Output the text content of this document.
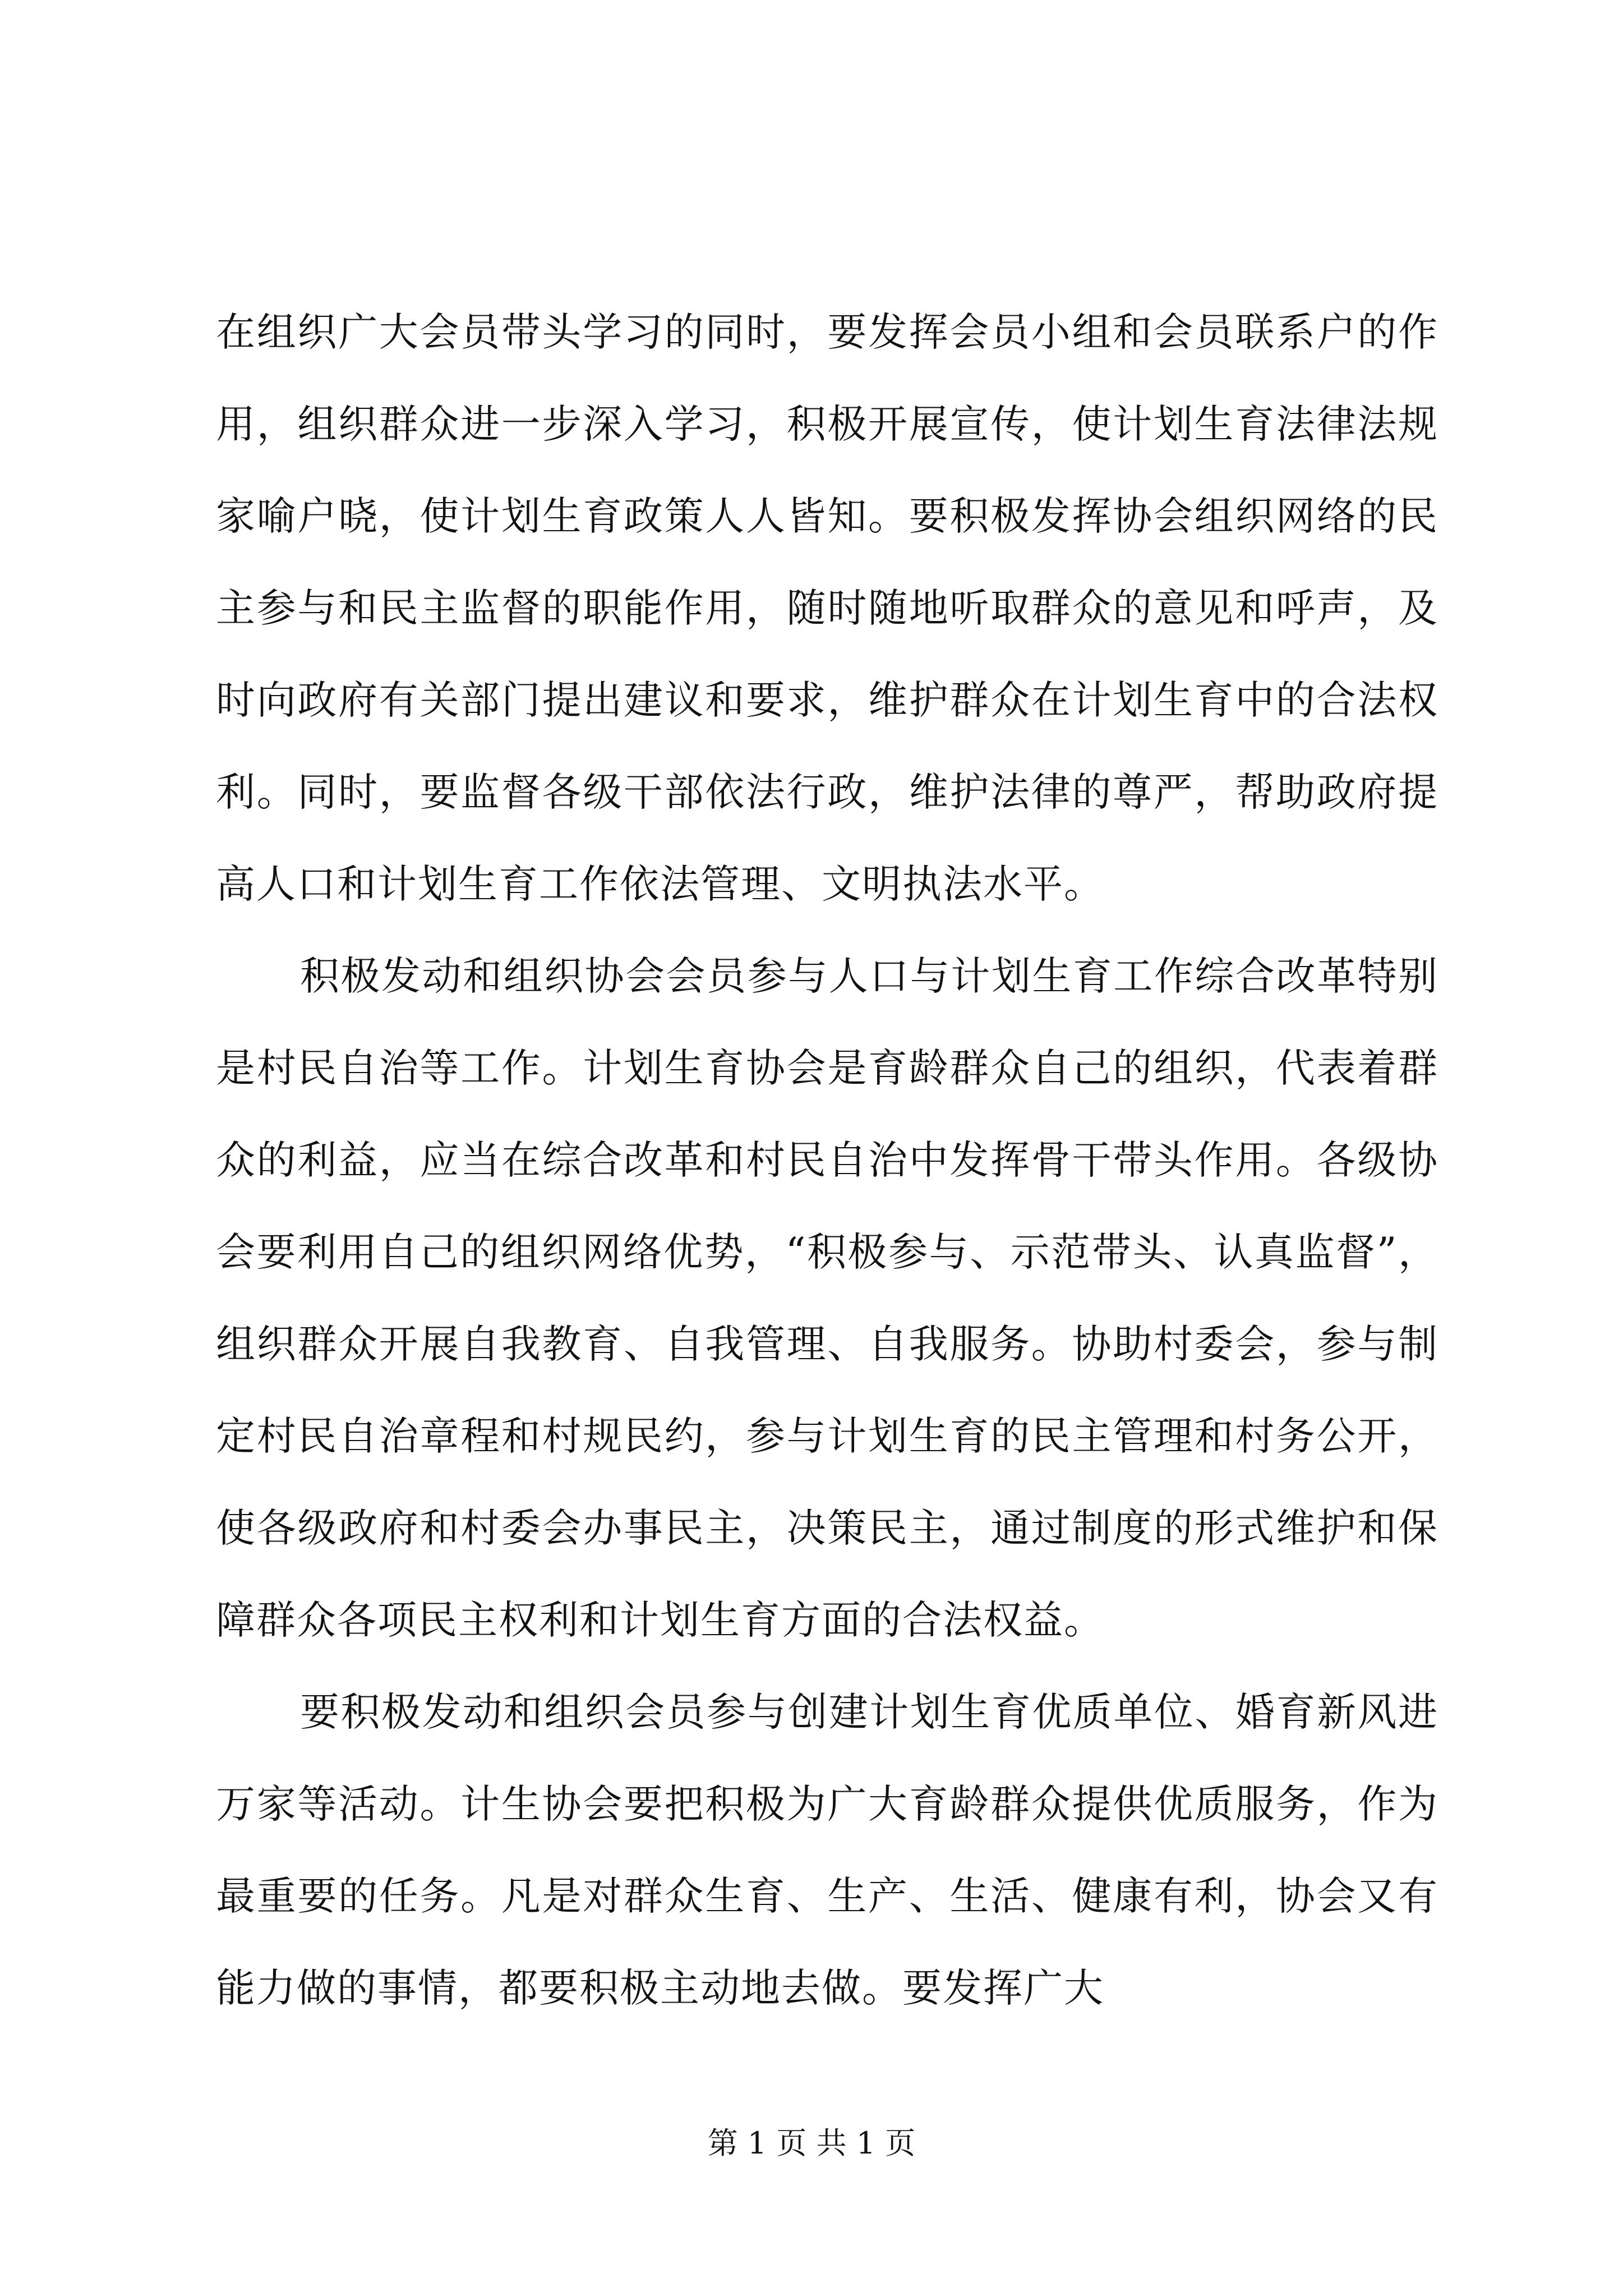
在组织广大会员带头学习的同时，要发挥会员小组和会员联系户的作用，组织群众进一步深入学习，积极开展宣传，使计划生育法律法规家喻户晓，使计划生育政策人人皆知。要积极发挥协会组织网络的民主参与和民主监督的职能作用，随时随地听取群众的意见和呼声，及时向政府有关部门提出建议和要求，维护群众在计划生育中的合法权利。同时，要监督各级干部依法行政，维护法律的尊严，帮助政府提高人口和计划生育工作依法管理、文明执法水平。

积极发动和组织协会会员参与人口与计划生育工作综合改革特别是村民自治等工作。计划生育协会是育龄群众自己的组织，代表着群众的利益，应当在综合改革和村民自治中发挥骨干带头作用。各级协会要利用自己的组织网络优势，“积极参与、示范带头、认真监督”，组织群众开展自我教育、自我管理、自我服务。协助村委会，参与制定村民自治章程和村规民约，参与计划生育的民主管理和村务公开，使各级政府和村委会办事民主，决策民主，通过制度的形式维护和保障群众各项民主权利和计划生育方面的合法权益。

要积极发动和组织会员参与创建计划生育优质单位、婚育新风进万家等活动。计生协会要把积极为广大育龄群众提供优质服务，作为最重要的任务。凡是对群众生育、生产、生活、健康有利，协会又有能力做的事情，都要积极主动地去做。要发挥广大

第 1 页 共 1 页
